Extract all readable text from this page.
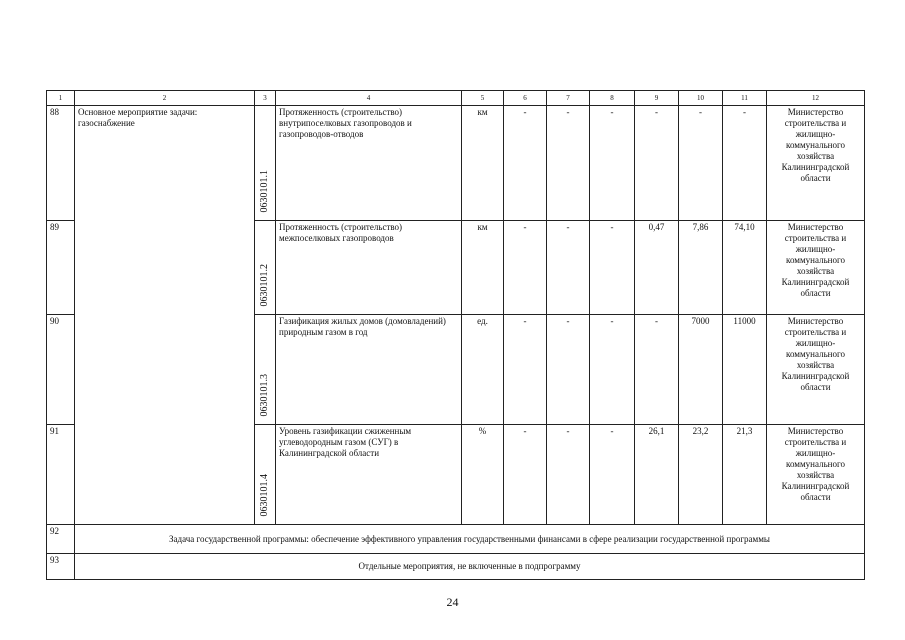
1	2	3	4	5	6	7	8	9	10	11	12
88	Основное мероприятие задачи: газоснабжение	0630101.1	Протяженность (строительство) внутрипоселковых газопроводов и газопроводов-отводов	км	-	-	-	-	-	-	Министерство строительства и жилищно-коммунального хозяйства Калининградской области
89		0630101.2	Протяженность (строительство) межпоселковых газопроводов	км	-	-	-	0,47	7,86	74,10	Министерство строительства и жилищно-коммунального хозяйства Калининградской области
90		0630101.3	Газификация жилых домов (домовладений) природным газом в год	ед.	-	-	-	-	7000	11000	Министерство строительства и жилищно-коммунального хозяйства Калининградской области
91		0630101.4	Уровень газификации сжиженным углеводородным газом (СУГ) в Калининградской области	%	-	-	-	26,1	23,2	21,3	Министерство строительства и жилищно-коммунального хозяйства Калининградской области
92	Задача государственной программы: обеспечение эффективного управления государственными финансами в сфере реализации государственной программы										
93	Отдельные мероприятия, не включенные в подпрограмму										
24
